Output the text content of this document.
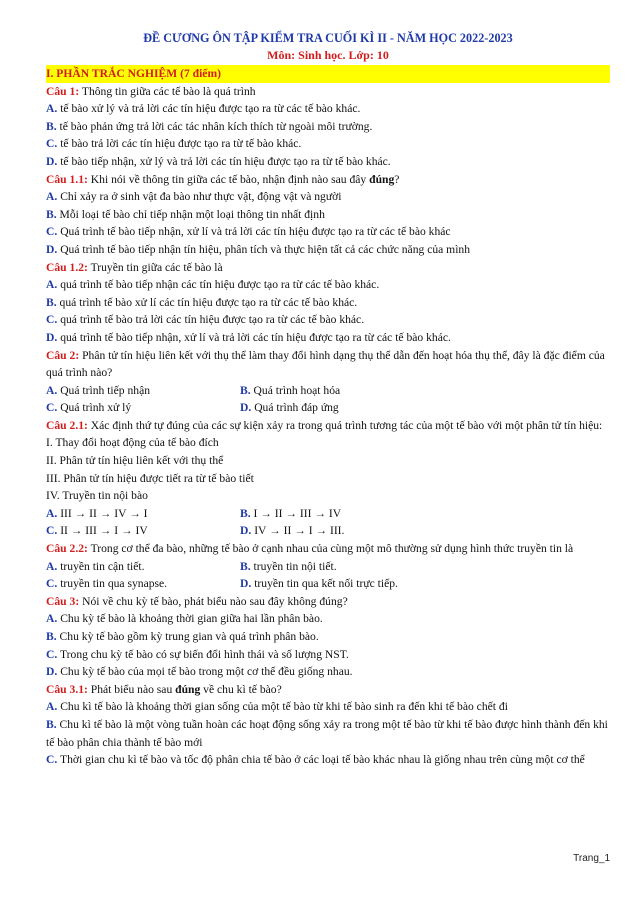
ĐỀ CƯƠNG ÔN TẬP KIỂM TRA CUỐI KÌ II - NĂM HỌC 2022-2023
Môn: Sinh học. Lớp: 10
I. PHẦN TRẮC NGHIỆM (7 điểm)

Câu 1: Thông tin giữa các tế bào là quá trình

A. tế bào xử lý và trả lời các tín hiệu được tạo ra từ các tế bào khác.

B. tế bào phản ứng trả lời các tác nhân kích thích từ ngoài môi trường.

C. tế bào trả lời các tín hiệu được tạo ra từ tế bào khác.

D. tế bào tiếp nhận, xử lý và trả lời các tín hiệu được tạo ra từ tế bào khác.

Câu 1.1: Khi nói về thông tin giữa các tế bào, nhận định nào sau đây đúng?

A. Chỉ xảy ra ở sinh vật đa bào như thực vật, động vật và người

B. Mỗi loại tế bào chỉ tiếp nhận một loại thông tin nhất định

C. Quá trình tế bào tiếp nhận, xử lí và trả lời các tín hiệu được tạo ra từ các tế bào khác

D. Quá trình tế bào tiếp nhận tín hiệu, phân tích và thực hiện tất cả các chức năng của mình

Câu 1.2: Truyền tin giữa các tế bào là

A. quá trình tế bào tiếp nhận các tín hiệu được tạo ra từ các tế bào khác.

B. quá trình tế bào xử lí các tín hiệu được tạo ra từ các tế bào khác.

C. quá trình tế bào trả lời các tín hiệu được tạo ra từ các tế bào khác.

D. quá trình tế bào tiếp nhận, xử lí và trả lời các tín hiệu được tạo ra từ các tế bào khác.

Câu 2: Phân tử tín hiệu liên kết với thụ thể làm thay đổi hình dạng thụ thể dẫn đến hoạt hóa thụ thể, đây là đặc điểm của quá trình nào?

A. Quá trình tiếp nhận	B. Quá trình hoạt hóa
C. Quá trình xử lý	D. Quá trình đáp ứng

Câu 2.1: Xác định thứ tự đúng của các sự kiện xảy ra trong quá trình tương tác của một tế bào với một phân tử tín hiệu:

I. Thay đổi hoạt động của tế bào đích

II. Phân tử tín hiệu liên kết với thụ thể

III. Phân tử tín hiệu được tiết ra từ tế bào tiết

IV. Truyền tin nội bào

A. III → II → IV → I	B. I → II → III → IV
C. II → III → I → IV	D. IV → II → I → III.

Câu 2.2: Trong cơ thể đa bào, những tế bào ở cạnh nhau của cùng một mô thường sử dụng hình thức truyền tin là

A. truyền tin cận tiết.	B. truyền tin nội tiết.
C. truyền tin qua synapse.	D. truyền tin qua kết nối trực tiếp.

Câu 3: Nói về chu kỳ tế bào, phát biểu nào sau đây không đúng?

A. Chu kỳ tế bào là khoảng thời gian giữa hai lần phân bào.

B. Chu kỳ tế bào gồm kỳ trung gian và quá trình phân bào.

C. Trong chu kỳ tế bào có sự biến đổi hình thái và số lượng NST.

D. Chu kỳ tế bào của mọi tế bào trong một cơ thể đều giống nhau.

Câu 3.1: Phát biểu nào sau đúng về chu kì tế bào?

A. Chu kì tế bào là khoảng thời gian sống của một tế bào từ khi tế bào sinh ra đến khi tế bào chết đi

B. Chu kì tế bào là một vòng tuần hoàn các hoạt động sống xảy ra trong một tế bào từ khi tế bào được hình thành đến khi tế bào phân chia thành tế bào mới

C. Thời gian chu kì tế bào và tốc độ phân chia tế bào ở các loại tế bào khác nhau là giống nhau trên cùng một cơ thể

Trang_1
